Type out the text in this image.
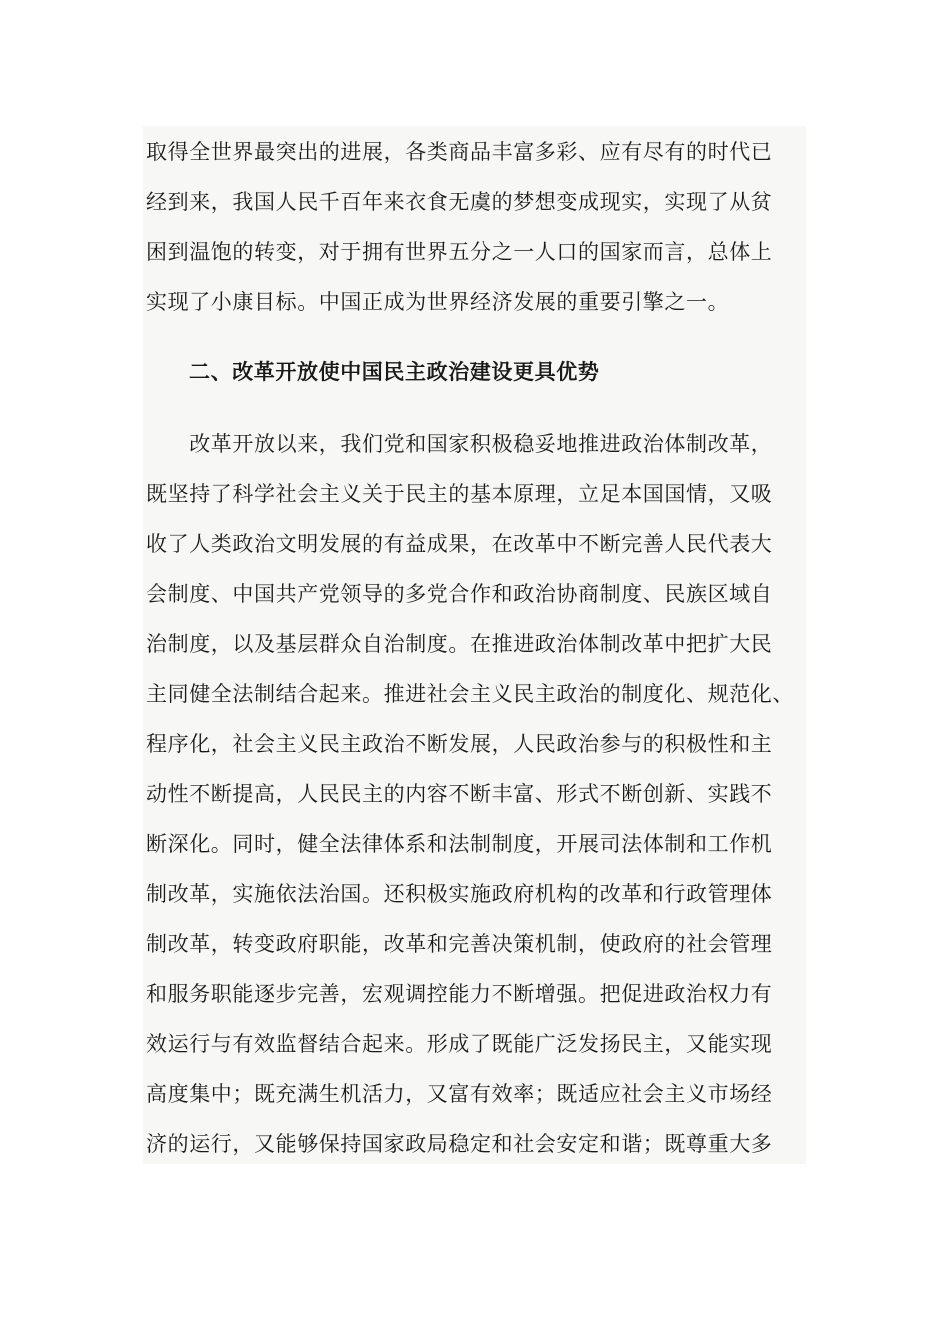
取得全世界最突出的进展，各类商品丰富多彩、应有尽有的时代已
经到来，我国人民千百年来衣食无虞的梦想变成现实，实现了从贫
困到温饱的转变，对于拥有世界五分之一人口的国家而言，总体上
实现了小康目标。中国正成为世界经济发展的重要引擎之一。
二、改革开放使中国民主政治建设更具优势
　　改革开放以来，我们党和国家积极稳妥地推进政治体制改革，
既坚持了科学社会主义关于民主的基本原理，立足本国国情，又吸
收了人类政治文明发展的有益成果，在改革中不断完善人民代表大
会制度、中国共产党领导的多党合作和政治协商制度、民族区域自
治制度，以及基层群众自治制度。在推进政治体制改革中把扩大民
主同健全法制结合起来。推进社会主义民主政治的制度化、规范化、
程序化，社会主义民主政治不断发展，人民政治参与的积极性和主
动性不断提高，人民民主的内容不断丰富、形式不断创新、实践不
断深化。同时，健全法律体系和法制制度，开展司法体制和工作机
制改革，实施依法治国。还积极实施政府机构的改革和行政管理体
制改革，转变政府职能，改革和完善决策机制，使政府的社会管理
和服务职能逐步完善，宏观调控能力不断增强。把促进政治权力有
效运行与有效监督结合起来。形成了既能广泛发扬民主，又能实现
高度集中；既充满生机活力，又富有效率；既适应社会主义市场经
济的运行，又能够保持国家政局稳定和社会安定和谐；既尊重大多
